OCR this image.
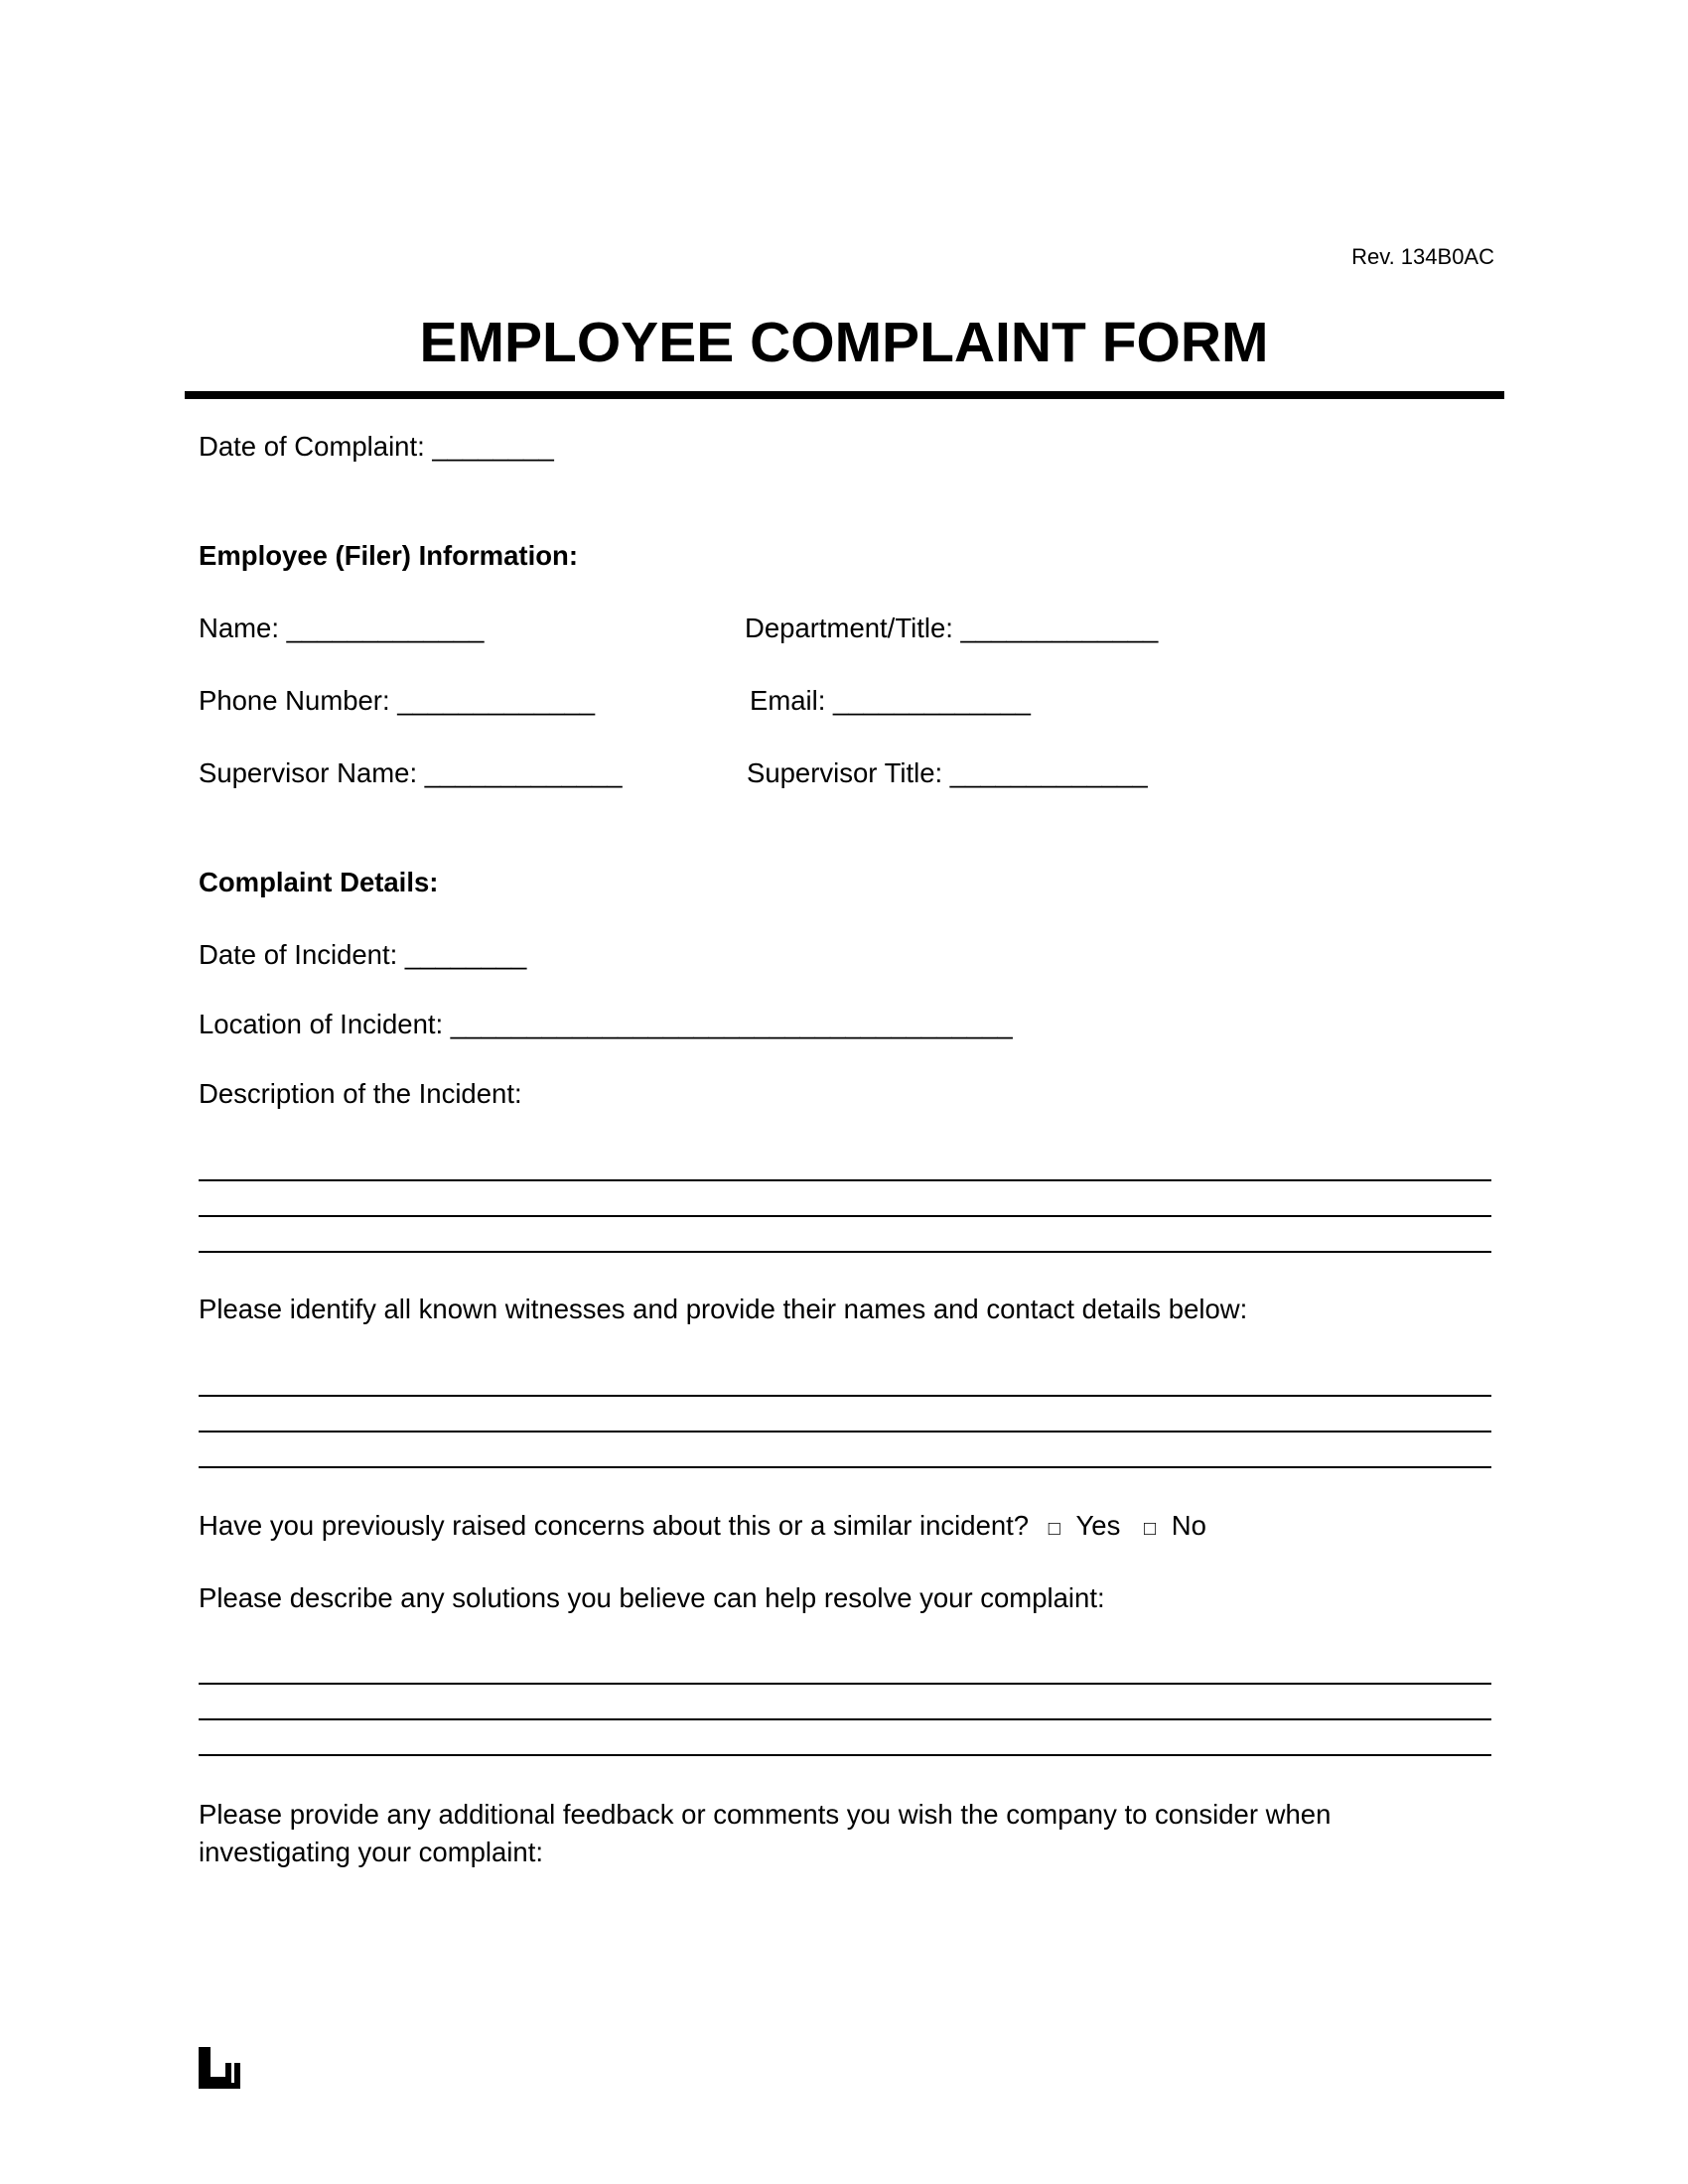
Rev. 134B0AC
EMPLOYEE COMPLAINT FORM
Date of Complaint: ________
Employee (Filer) Information:
Name: _____________	Department/Title: _____________
Phone Number: _____________	Email: _____________
Supervisor Name: _____________	Supervisor Title: _____________
Complaint Details:
Date of Incident: ________
Location of Incident: _____________________________________
Description of the Incident:
Please identify all known witnesses and provide their names and contact details below:
Have you previously raised concerns about this or a similar incident? □ Yes □ No
Please describe any solutions you believe can help resolve your complaint:
Please provide any additional feedback or comments you wish the company to consider when
investigating your complaint:
